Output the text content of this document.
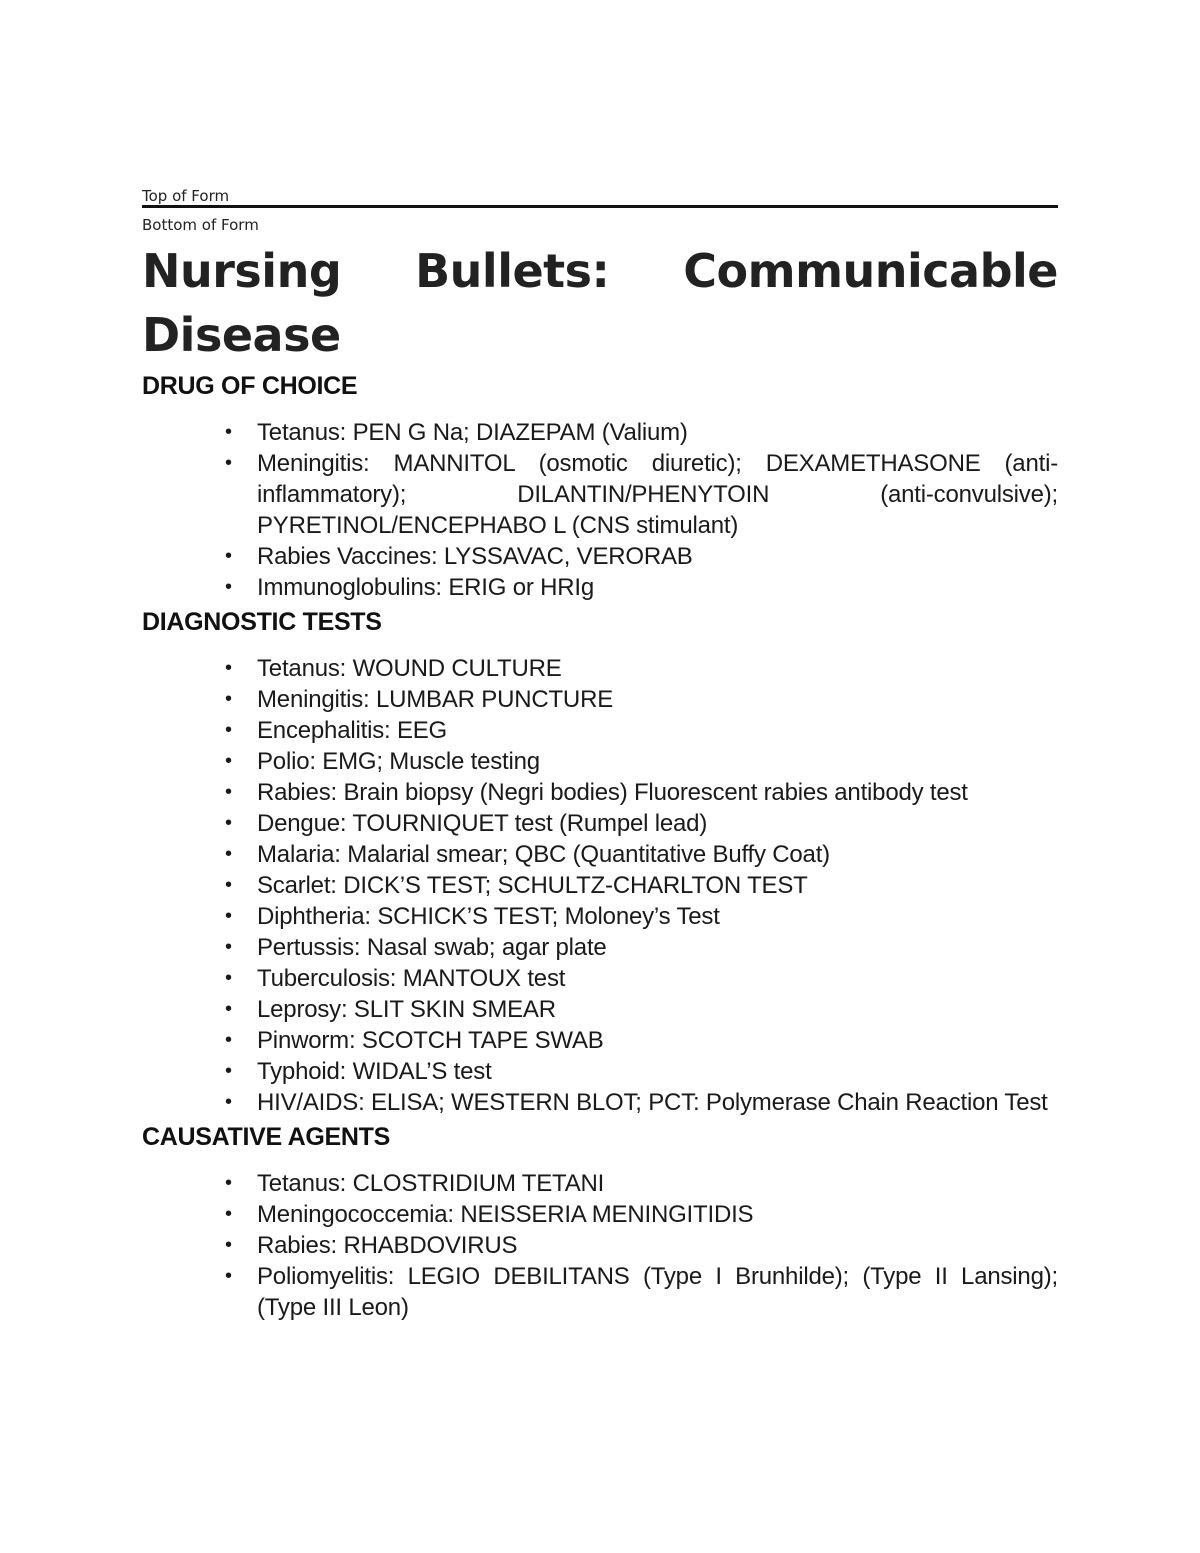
Top of Form
Bottom of Form
Nursing Bullets: Communicable Disease
DRUG OF CHOICE
• Tetanus: PEN G Na; DIAZEPAM (Valium)
• Meningitis: MANNITOL (osmotic diuretic); DEXAMETHASONE (anti-inflammatory); DILANTIN/PHENYTOIN (anti-convulsive); PYRETINOL/ENCEPHABO L (CNS stimulant)
• Rabies Vaccines: LYSSAVAC, VERORAB
• Immunoglobulins: ERIG or HRIg
DIAGNOSTIC TESTS
• Tetanus: WOUND CULTURE
• Meningitis: LUMBAR PUNCTURE
• Encephalitis: EEG
• Polio: EMG; Muscle testing
• Rabies: Brain biopsy (Negri bodies) Fluorescent rabies antibody test
• Dengue: TOURNIQUET test (Rumpel lead)
• Malaria: Malarial smear; QBC (Quantitative Buffy Coat)
• Scarlet: DICK’S TEST; SCHULTZ-CHARLTON TEST
• Diphtheria: SCHICK’S TEST; Moloney’s Test
• Pertussis: Nasal swab; agar plate
• Tuberculosis: MANTOUX test
• Leprosy: SLIT SKIN SMEAR
• Pinworm: SCOTCH TAPE SWAB
• Typhoid: WIDAL’S test
• HIV/AIDS: ELISA; WESTERN BLOT; PCT: Polymerase Chain Reaction Test
CAUSATIVE AGENTS
• Tetanus: CLOSTRIDIUM TETANI
• Meningococcemia: NEISSERIA MENINGITIDIS
• Rabies: RHABDOVIRUS
• Poliomyelitis: LEGIO DEBILITANS (Type I Brunhilde); (Type II Lansing); (Type III Leon)
